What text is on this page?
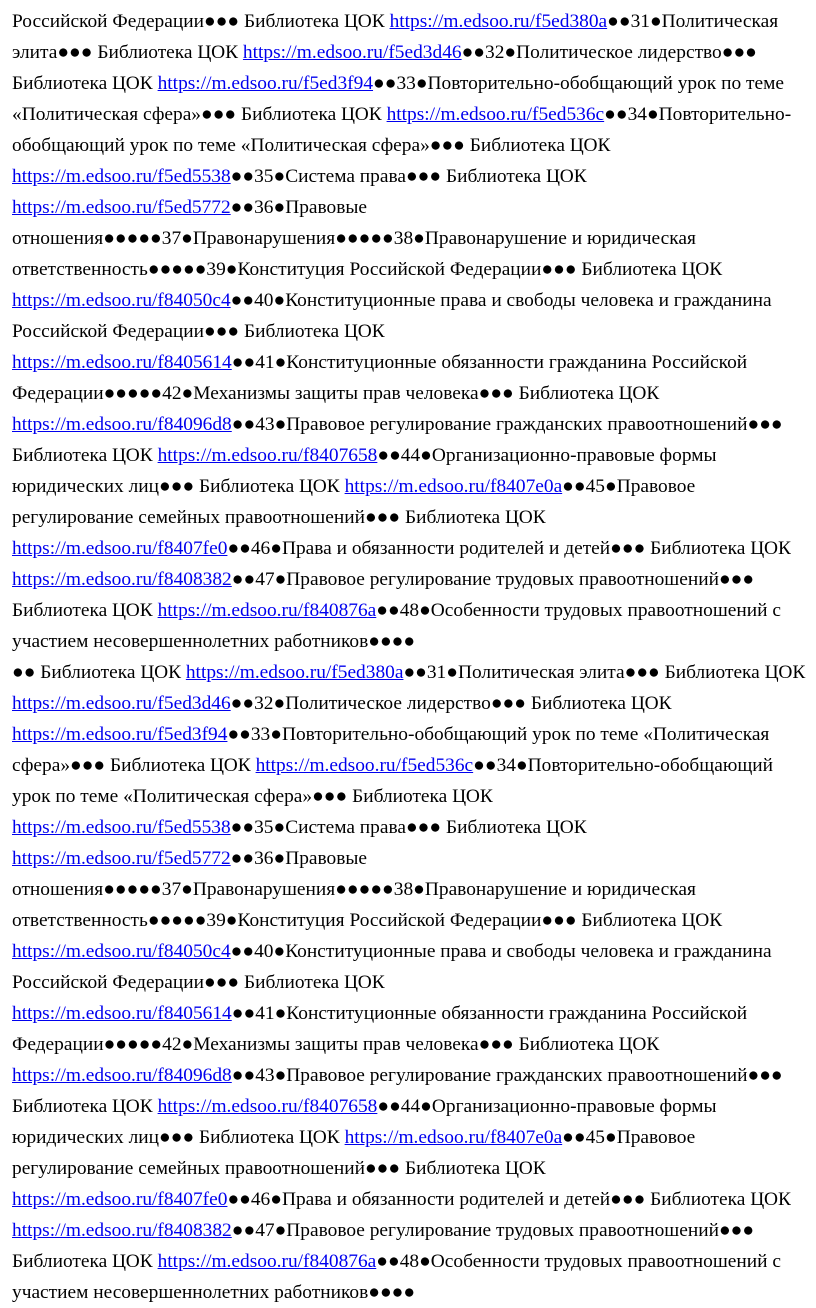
Российской Федерации●●● Библиотека ЦОК https://m.edsoo.ru/f5ed380a●●31●Политическая элита●●● Библиотека ЦОК https://m.edsoo.ru/f5ed3d46●●32●Политическое лидерство●●● Библиотека ЦОК https://m.edsoo.ru/f5ed3f94●●33●Повторительно-обобщающий урок по теме «Политическая сфера»●●● Библиотека ЦОК https://m.edsoo.ru/f5ed536c●●34●Повторительно-обобщающий урок по теме «Политическая сфера»●●● Библиотека ЦОК https://m.edsoo.ru/f5ed5538●●35●Система права●●● Библиотека ЦОК https://m.edsoo.ru/f5ed5772●●36●Правовые отношения●●●●●37●Правонарушения●●●●●38●Правонарушение и юридическая ответственность●●●●●39●Конституция Российской Федерации●●● Библиотека ЦОК https://m.edsoo.ru/f84050c4●●40●Конституционные права и свободы человека и гражданина Российской Федерации●●● Библиотека ЦОК https://m.edsoo.ru/f8405614●●41●Конституционные обязанности гражданина Российской Федерации●●●●●42●Механизмы защиты прав человека●●● Библиотека ЦОК https://m.edsoo.ru/f84096d8●●43●Правовое регулирование гражданских правоотношений●●● Библиотека ЦОК https://m.edsoo.ru/f8407658●●44●Организационно-правовые формы юридических лиц●●● Библиотека ЦОК https://m.edsoo.ru/f8407e0a●●45●Правовое регулирование семейных правоотношений●●● Библиотека ЦОК https://m.edsoo.ru/f8407fe0●●46●Права и обязанности родителей и детей●●● Библиотека ЦОК https://m.edsoo.ru/f8408382●●47●Правовое регулирование трудовых правоотношений●●● Библиотека ЦОК https://m.edsoo.ru/f840876a●●48●Особенности трудовых правоотношений с участием несовершеннолетних работников●●●●
●● Библиотека ЦОК https://m.edsoo.ru/f5ed380a●●31●Политическая элита●●● Библиотека ЦОК https://m.edsoo.ru/f5ed3d46●●32●Политическое лидерство●●● Библиотека ЦОК https://m.edsoo.ru/f5ed3f94●●33●Повторительно-обобщающий урок по теме «Политическая сфера»●●● Библиотека ЦОК https://m.edsoo.ru/f5ed536c●●34●Повторительно-обобщающий урок по теме «Политическая сфера»●●● Библиотека ЦОК https://m.edsoo.ru/f5ed5538●●35●Система права●●● Библиотека ЦОК https://m.edsoo.ru/f5ed5772●●36●Правовые отношения●●●●●37●Правонарушения●●●●●38●Правонарушение и юридическая ответственность●●●●●39●Конституция Российской Федерации●●● Библиотека ЦОК https://m.edsoo.ru/f84050c4●●40●Конституционные права и свободы человека и гражданина Российской Федерации●●● Библиотека ЦОК https://m.edsoo.ru/f8405614●●41●Конституционные обязанности гражданина Российской Федерации●●●●●42●Механизмы защиты прав человека●●● Библиотека ЦОК https://m.edsoo.ru/f84096d8●●43●Правовое регулирование гражданских правоотношений●●● Библиотека ЦОК https://m.edsoo.ru/f8407658●●44●Организационно-правовые формы юридических лиц●●● Библиотека ЦОК https://m.edsoo.ru/f8407e0a●●45●Правовое регулирование семейных правоотношений●●● Библиотека ЦОК https://m.edsoo.ru/f8407fe0●●46●Права и обязанности родителей и детей●●● Библиотека ЦОК https://m.edsoo.ru/f8408382●●47●Правовое регулирование трудовых правоотношений●●● Библиотека ЦОК https://m.edsoo.ru/f840876a●●48●Особенности трудовых правоотношений с участием несовершеннолетних работников●●●●
